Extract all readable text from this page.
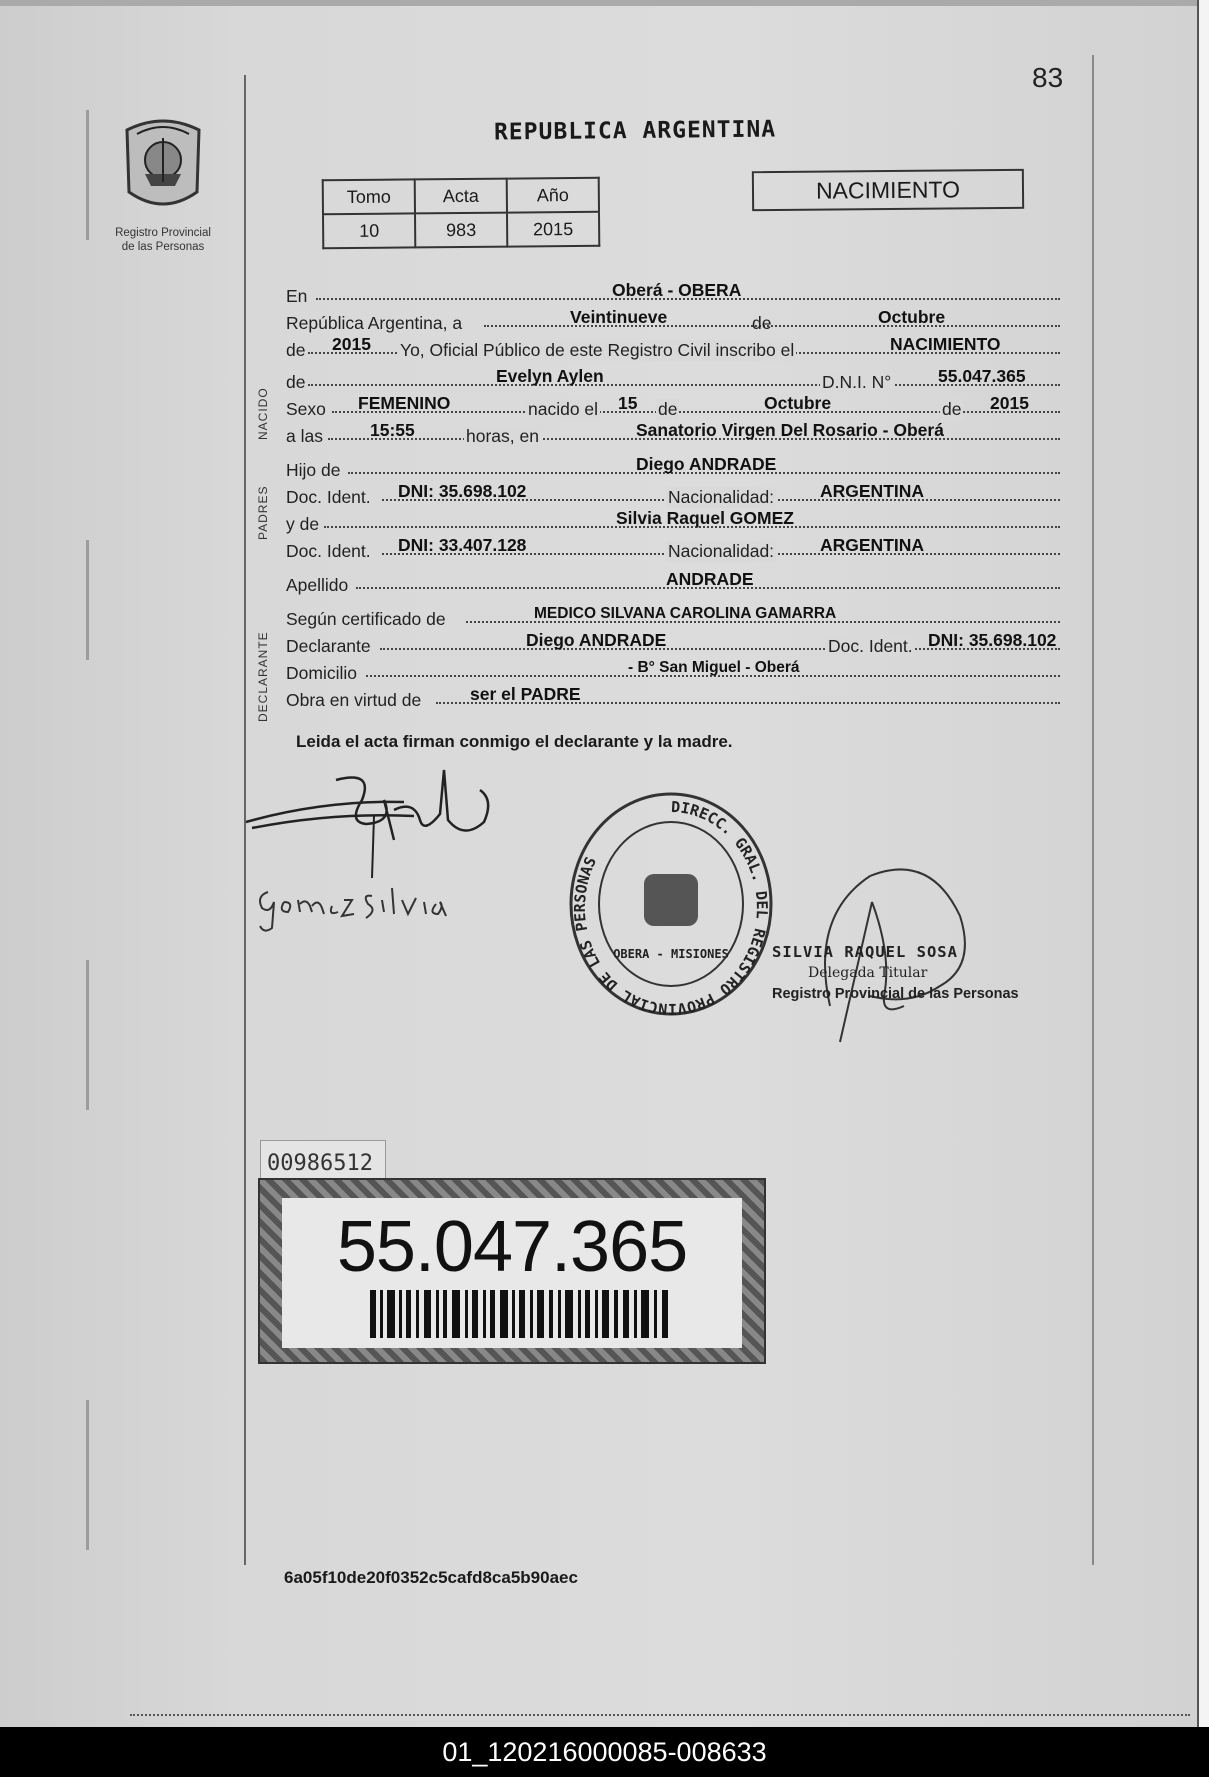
83
Registro Provincial
de las Personas
REPUBLICA ARGENTINA
Tomo	Acta	Año
10	983	2015
NACIMIENTO
NACIDO
PADRES
DECLARANTE
En	Oberá - OBERA
República Argentina, a	Veintinueve	de	Octubre
de 2015 Yo, Oficial Público de este Registro Civil inscribo el	NACIMIENTO
de	Evelyn Aylen	D.N.I. N°	55.047.365
Sexo FEMENINO	nacido el 15 de	Octubre	de 2015
a las	15:55	horas, en	Sanatorio Virgen Del Rosario - Oberá
Hijo de	Diego ANDRADE
Doc. Ident. DNI: 35.698.102	Nacionalidad:	ARGENTINA
y de	Silvia Raquel GOMEZ
Doc. Ident. DNI: 33.407.128	Nacionalidad:	ARGENTINA
Apellido	ANDRADE
Según certificado de	MEDICO SILVANA CAROLINA GAMARRA
Declarante	Diego ANDRADE	Doc. Ident. DNI: 35.698.102
Domicilio	- B° San Miguel - Oberá
Obra en virtud de	ser el PADRE
Leida el acta firman conmigo el declarante y la madre.
DIRECC. GRAL. DEL REGISTRO PROVINCIAL DE LAS PERSONAS
OBERA - MISIONES	SILVIA RAQUEL SOSA
Delegada Titular
Registro Provincial de las Personas
00986512
55.047.365
6a05f10de20f0352c5cafd8ca5b90aec
01_120216000085-008633
